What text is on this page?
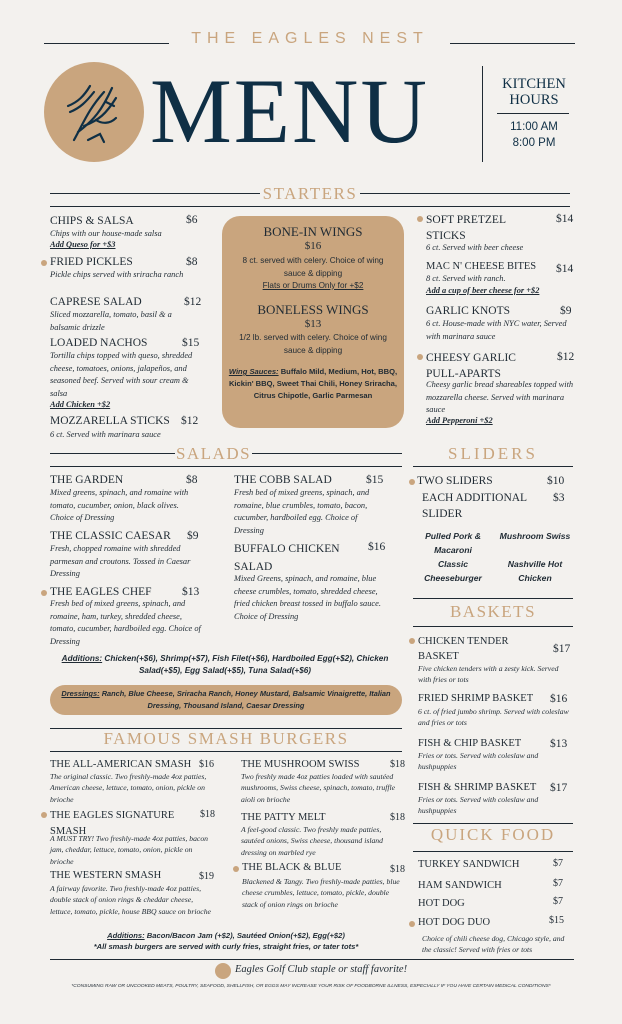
THE EAGLES NEST
MENU	KITCHEN HOURS
11:00 AM
8:00 PM
STARTERS
CHIPS & SALSA	$6
Chips with our house-made salsa
Add Queso for +$3
FRIED PICKLES	$8
Pickle chips served with sriracha ranch
CAPRESE SALAD	$12
Sliced mozzarella, tomato, basil & a balsamic drizzle
LOADED NACHOS	$15
Tortilla chips topped with queso, shredded cheese, tomatoes, onions, jalapeños, and seasoned beef. Served with sour cream & salsa
Add Chicken +$2
MOZZARELLA STICKS $12
6 ct. Served with marinara sauce
BONE-IN WINGS
$16
8 ct. served with celery. Choice of wing sauce & dipping
Flats or Drums Only for +$2
BONELESS WINGS
$13
1/2 lb. served with celery. Choice of wing sauce & dipping
Wing Sauces: Buffalo Mild, Medium, Hot, BBQ, Kickin' BBQ, Sweet Thai Chili, Honey Sriracha, Citrus Chipotle, Garlic Parmesan
SOFT PRETZEL STICKS
$14
6 ct. Served with beer cheese
MAC N' CHEESE BITES $14
8 ct. Served with ranch.
Add a cup of beer cheese for +$2
GARLIC KNOTS	$9
6 ct. House-made with NYC water, Served with marinara sauce
CHEESY GARLIC PULL-APARTS
$12
Cheesy garlic bread shareables topped with mozzarella cheese. Served with marinara sauce
Add Pepperoni +$2
SALADS
THE GARDEN	$8
Mixed greens, spinach, and romaine with tomato, cucumber, onion, black olives. Choice of Dressing
THE CLASSIC CAESAR $9
Fresh, chopped romaine with shredded parmesan and croutons. Tossed in Caesar Dressing
THE EAGLES CHEF	$13
Fresh bed of mixed greens, spinach, and romaine, ham, turkey, shredded cheese, tomato, cucumber, hardboiled egg. Choice of Dressing
THE COBB SALAD	$15
Fresh bed of mixed greens, spinach, and romaine, blue crumbles, tomato, bacon, cucumber, hardboiled egg. Choice of Dressing
BUFFALO CHICKEN SALAD
$16
Mixed Greens, spinach, and romaine, blue cheese crumbles, tomato, shredded cheese, fried chicken breast tossed in buffalo sauce. Choice of Dressing
Additions: Chicken(+$6), Shrimp(+$7), Fish Filet(+$6), Hardboiled Egg(+$2), Chicken Salad(+$5), Egg Salad(+$5), Tuna Salad(+$6)
Dressings: Ranch, Blue Cheese, Sriracha Ranch, Honey Mustard, Balsamic Vinaigrette, Italian Dressing, Thousand Island, Caesar Dressing
SLIDERS
TWO SLIDERS	$10
EACH ADDITIONAL SLIDER
$3
Pulled Pork & Macaroni
Mushroom Swiss
Classic Cheeseburger
Nashville Hot Chicken
BASKETS
CHICKEN TENDER BASKET
$17
Five chicken tenders with a zesty kick. Served with fries or tots
FRIED SHRIMP BASKET $16
6 ct. of fried jumbo shrimp. Served with coleslaw and fries or tots
FISH & CHIP BASKET	$13
Fries or tots. Served with coleslaw and hushpuppies
FISH & SHRIMP BASKET $17
Fries or tots. Served with coleslaw and hushpuppies
FAMOUS SMASH BURGERS
THE ALL-AMERICAN SMASH $16
The original classic. Two freshly-made 4oz patties, American cheese, lettuce, tomato, onion, pickle on brioche
THE EAGLES SIGNATURE SMASH
$18
A MUST TRY! Two freshly-made 4oz patties, bacon jam, cheddar, lettuce, tomato, onion, pickle on brioche
THE WESTERN SMASH	$19
A fairway favorite. Two freshly-made 4oz patties, double stack of onion rings & cheddar cheese, lettuce, tomato, pickle, house BBQ sauce on brioche
THE MUSHROOM SWISS	$18
Two freshly made 4oz patties loaded with sautéed mushrooms, Swiss cheese, spinach, tomato, truffle aioli on brioche
THE PATTY MELT	$18
A feel-good classic. Two freshly made patties, sautéed onions, Swiss cheese, thousand island dressing on marbled rye
THE BLACK & BLUE	$18
Blackened & Tangy. Two freshly-made patties, blue cheese crumbles, lettuce, tomato, pickle, double stack of onion rings on brioche
Additions: Bacon/Bacon Jam (+$2), Sautéed Onion(+$2), Egg(+$2)
*All smash burgers are served with curly fries, straight fries, or tater tots*
QUICK FOOD
TURKEY SANDWICH	$7
HAM SANDWICH	$7
HOT DOG	$7
HOT DOG DUO	$15
Choice of chili cheese dog, Chicago style, and the classic! Served with fries or tots
Eagles Golf Club staple or staff favorite!
*CONSUMING RAW OR UNCOOKED MEATS, POULTRY, SEAFOOD, SHELLFISH, OR EGGS MAY INCREASE YOUR RISK OF FOODBORNE ILLNESS, ESPECIALLY IF YOU HAVE CERTAIN MEDICAL CONDITIONS*
